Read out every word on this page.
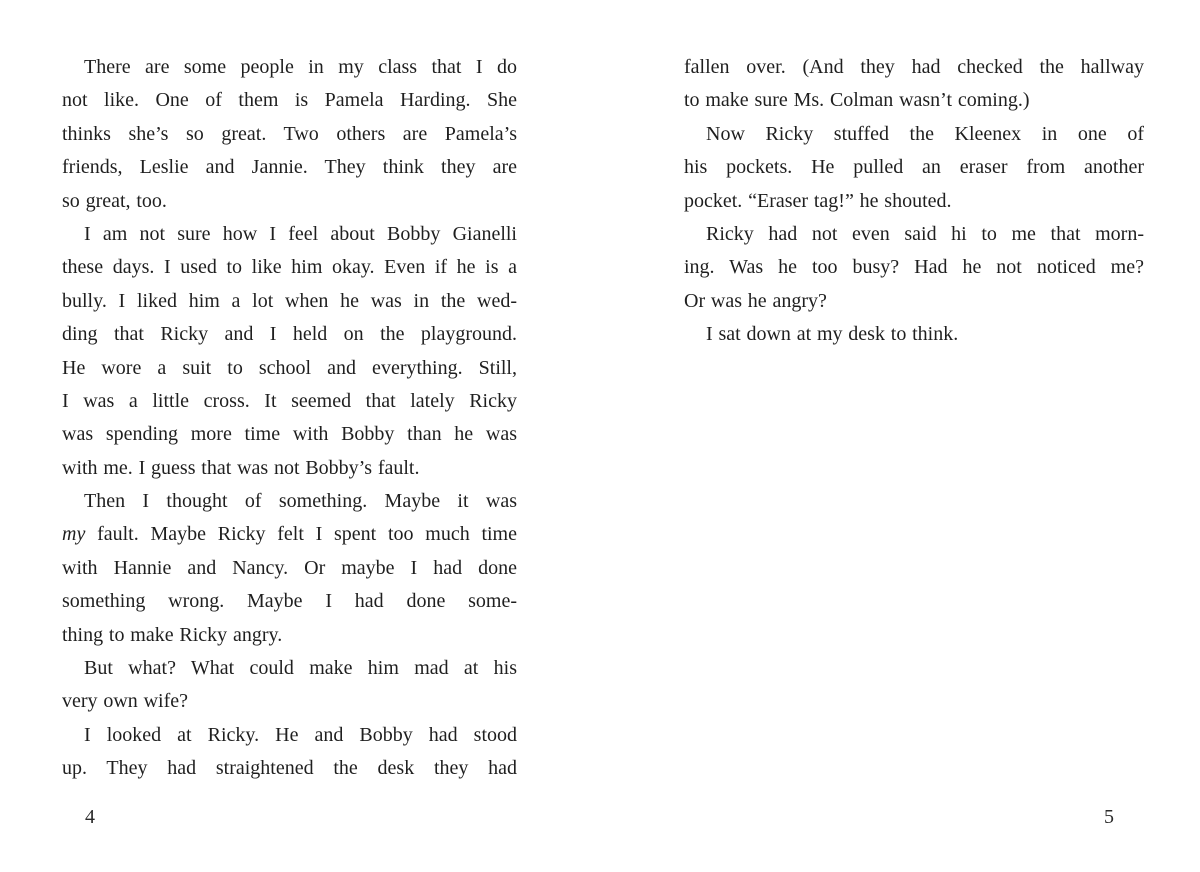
There are some people in my class that I do
not like. One of them is Pamela Harding. She
thinks she’s so great. Two others are Pamela’s
friends, Leslie and Jannie. They think they are
so great, too.
I am not sure how I feel about Bobby Gianelli
these days. I used to like him okay. Even if he is a
bully. I liked him a lot when he was in the wed-
ding that Ricky and I held on the playground.
He wore a suit to school and everything. Still,
I was a little cross. It seemed that lately Ricky
was spending more time with Bobby than he was
with me. I guess that was not Bobby’s fault.
Then I thought of something. Maybe it was
my fault. Maybe Ricky felt I spent too much time
with Hannie and Nancy. Or maybe I had done
something wrong. Maybe I had done some-
thing to make Ricky angry.
But what? What could make him mad at his
very own wife?
I looked at Ricky. He and Bobby had stood
up. They had straightened the desk they had
4
fallen over. (And they had checked the hallway
to make sure Ms. Colman wasn’t coming.)
Now Ricky stuffed the Kleenex in one of
his pockets. He pulled an eraser from another
pocket. “Eraser tag!” he shouted.
Ricky had not even said hi to me that morn-
ing. Was he too busy? Had he not noticed me?
Or was he angry?
I sat down at my desk to think.
5
